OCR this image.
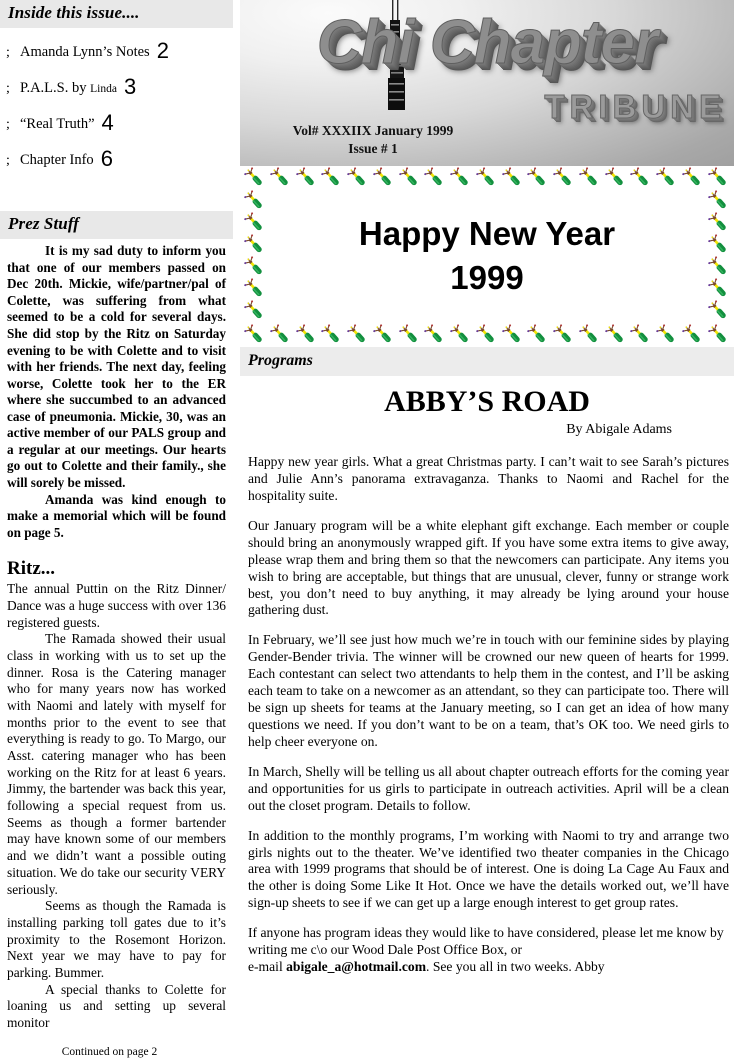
Inside this issue....
; Amanda Lynn’s Notes 2
; P.A.L.S. by Linda 3
; “Real Truth” 4
; Chapter Info 6
Prez Stuff

It is my sad duty to inform you that one of our members passed on Dec 20th. Mickie, wife/partner/pal of Colette, was suffering from what seemed to be a cold for several days. She did stop by the Ritz on Saturday evening to be with Colette and to visit with her friends. The next day, feeling worse, Colette took her to the ER where she succumbed to an advanced case of pneumonia. Mickie, 30, was an active member of our PALS group and a regular at our meetings. Our hearts go out to Colette and their family., she will sorely be missed.

Amanda was kind enough to make a memorial which will be found on page 5.

Ritz...

The annual Puttin on the Ritz Dinner/ Dance was a huge success with over 136 registered guests.

The Ramada showed their usual class in working with us to set up the dinner. Rosa is the Catering manager who for many years now has worked with Naomi and lately with myself for months prior to the event to see that everything is ready to go. To Margo, our Asst. catering manager who has been working on the Ritz for at least 6 years. Jimmy, the bartender was back this year, following a special request from us. Seems as though a former bartender may have known some of our members and we didn’t want a possible outing situation. We do take our security VERY seriously.

Seems as though the Ramada is installing parking toll gates due to it’s proximity to the Rosemont Horizon. Next year we may have to pay for parking. Bummer.

A special thanks to Colette for loaning us and setting up several monitor

Continued on page 2
Chi Chapter
TRIBUNE
Vol# XXXIIX January 1999
Issue # 1
Happy New Year
1999
Programs
ABBY’S ROAD
By Abigale Adams

Happy new year girls. What a great Christmas party. I can’t wait to see Sarah’s pictures and Julie Ann’s panorama extravaganza. Thanks to Naomi and Rachel for the hospitality suite.

Our January program will be a white elephant gift exchange. Each member or couple should bring an anonymously wrapped gift. If you have some extra items to give away, please wrap them and bring them so that the newcomers can participate. Any items you wish to bring are acceptable, but things that are unusual, clever, funny or strange work best, you don’t need to buy anything, it may already be lying around your house gathering dust.

In February, we’ll see just how much we’re in touch with our feminine sides by playing Gender-Bender trivia. The winner will be crowned our new queen of hearts for 1999. Each contestant can select two attendants to help them in the contest, and I’ll be asking each team to take on a newcomer as an attendant, so they can participate too. There will be sign up sheets for teams at the January meeting, so I can get an idea of how many questions we need. If you don’t want to be on a team, that’s OK too. We need girls to help cheer everyone on.

In March, Shelly will be telling us all about chapter outreach efforts for the coming year and opportunities for us girls to participate in outreach activities. April will be a clean out the closet program. Details to follow.

In addition to the monthly programs, I’m working with Naomi to try and arrange two girls nights out to the theater. We’ve identified two theater companies in the Chicago area with 1999 programs that should be of interest. One is doing La Cage Au Faux and the other is doing Some Like It Hot. Once we have the details worked out, we’ll have sign-up sheets to see if we can get up a large enough interest to get group rates.

If anyone has program ideas they would like to have considered, please let me know by writing me c\o our Wood Dale Post Office Box, or
e-mail abigale_a@hotmail.com. See you all in two weeks. Abby
